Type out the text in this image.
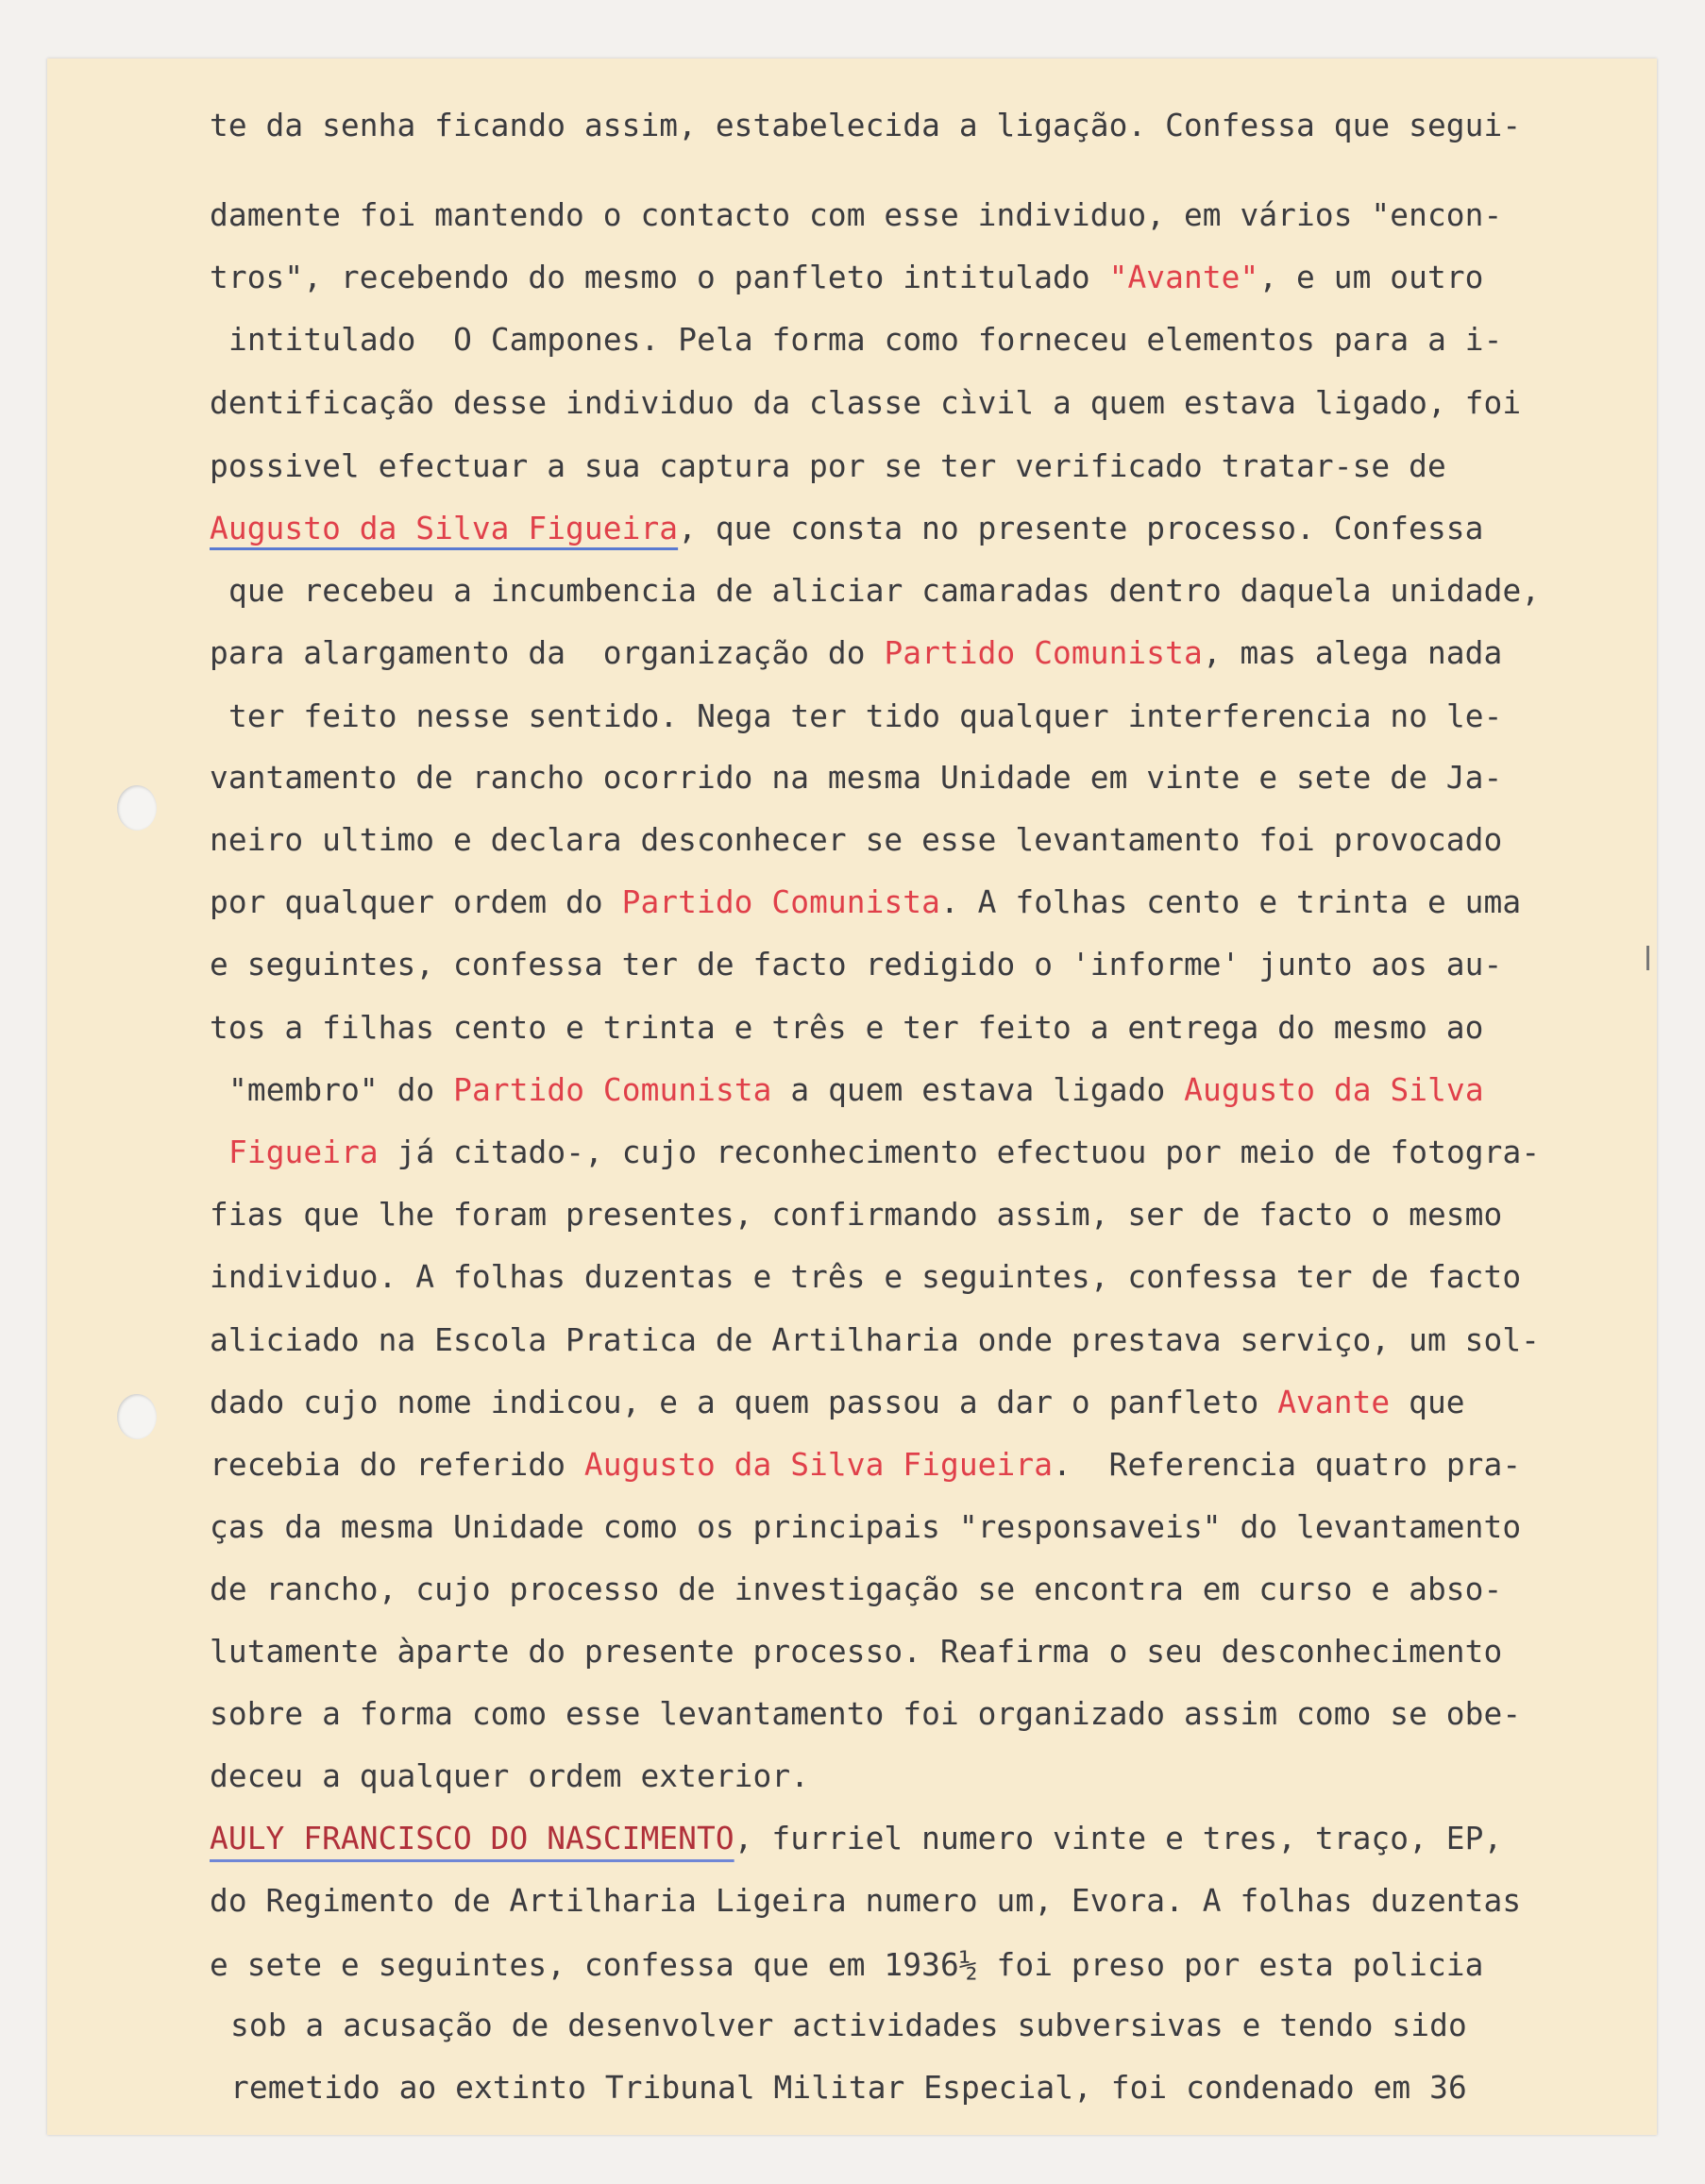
te da senha ficando assim, estabelecida a ligação. Confessa que segui-
damente foi mantendo o contacto com esse individuo, em vários "encon-
tros", recebendo do mesmo o panfleto intitulado "Avante", e um outro
intitulado  O Campones. Pela forma como forneceu elementos para a i-
dentificação desse individuo da classe cìvil a quem estava ligado, foi
possivel efectuar a sua captura por se ter verificado tratar-se de
Augusto da Silva Figueira, que consta no presente processo. Confessa
que recebeu a incumbencia de aliciar camaradas dentro daquela unidade,
para alargamento da  organização do Partido Comunista, mas alega nada
ter feito nesse sentido. Nega ter tido qualquer interferencia no le-
vantamento de rancho ocorrido na mesma Unidade em vinte e sete de Ja-
neiro ultimo e declara desconhecer se esse levantamento foi provocado
por qualquer ordem do Partido Comunista. A folhas cento e trinta e uma
e seguintes, confessa ter de facto redigido o 'informe' junto aos au-
tos a filhas cento e trinta e três e ter feito a entrega do mesmo ao
"membro" do Partido Comunista a quem estava ligado Augusto da Silva
Figueira já citado-, cujo reconhecimento efectuou por meio de fotogra-
fias que lhe foram presentes, confirmando assim, ser de facto o mesmo
individuo. A folhas duzentas e três e seguintes, confessa ter de facto
aliciado na Escola Pratica de Artilharia onde prestava serviço, um sol-
dado cujo nome indicou, e a quem passou a dar o panfleto Avante que
recebia do referido Augusto da Silva Figueira.  Referencia quatro pra-
ças da mesma Unidade como os principais "responsaveis" do levantamento
de rancho, cujo processo de investigação se encontra em curso e abso-
lutamente àparte do presente processo. Reafirma o seu desconhecimento
sobre a forma como esse levantamento foi organizado assim como se obe-
deceu a qualquer ordem exterior.
AULY FRANCISCO DO NASCIMENTO, furriel numero vinte e tres, traço, EP,
do Regimento de Artilharia Ligeira numero um, Evora. A folhas duzentas
e sete e seguintes, confessa que em 1936½ foi preso por esta policia
sob a acusação de desenvolver actividades subversivas e tendo sido
remetido ao extinto Tribunal Militar Especial, foi condenado em 36
